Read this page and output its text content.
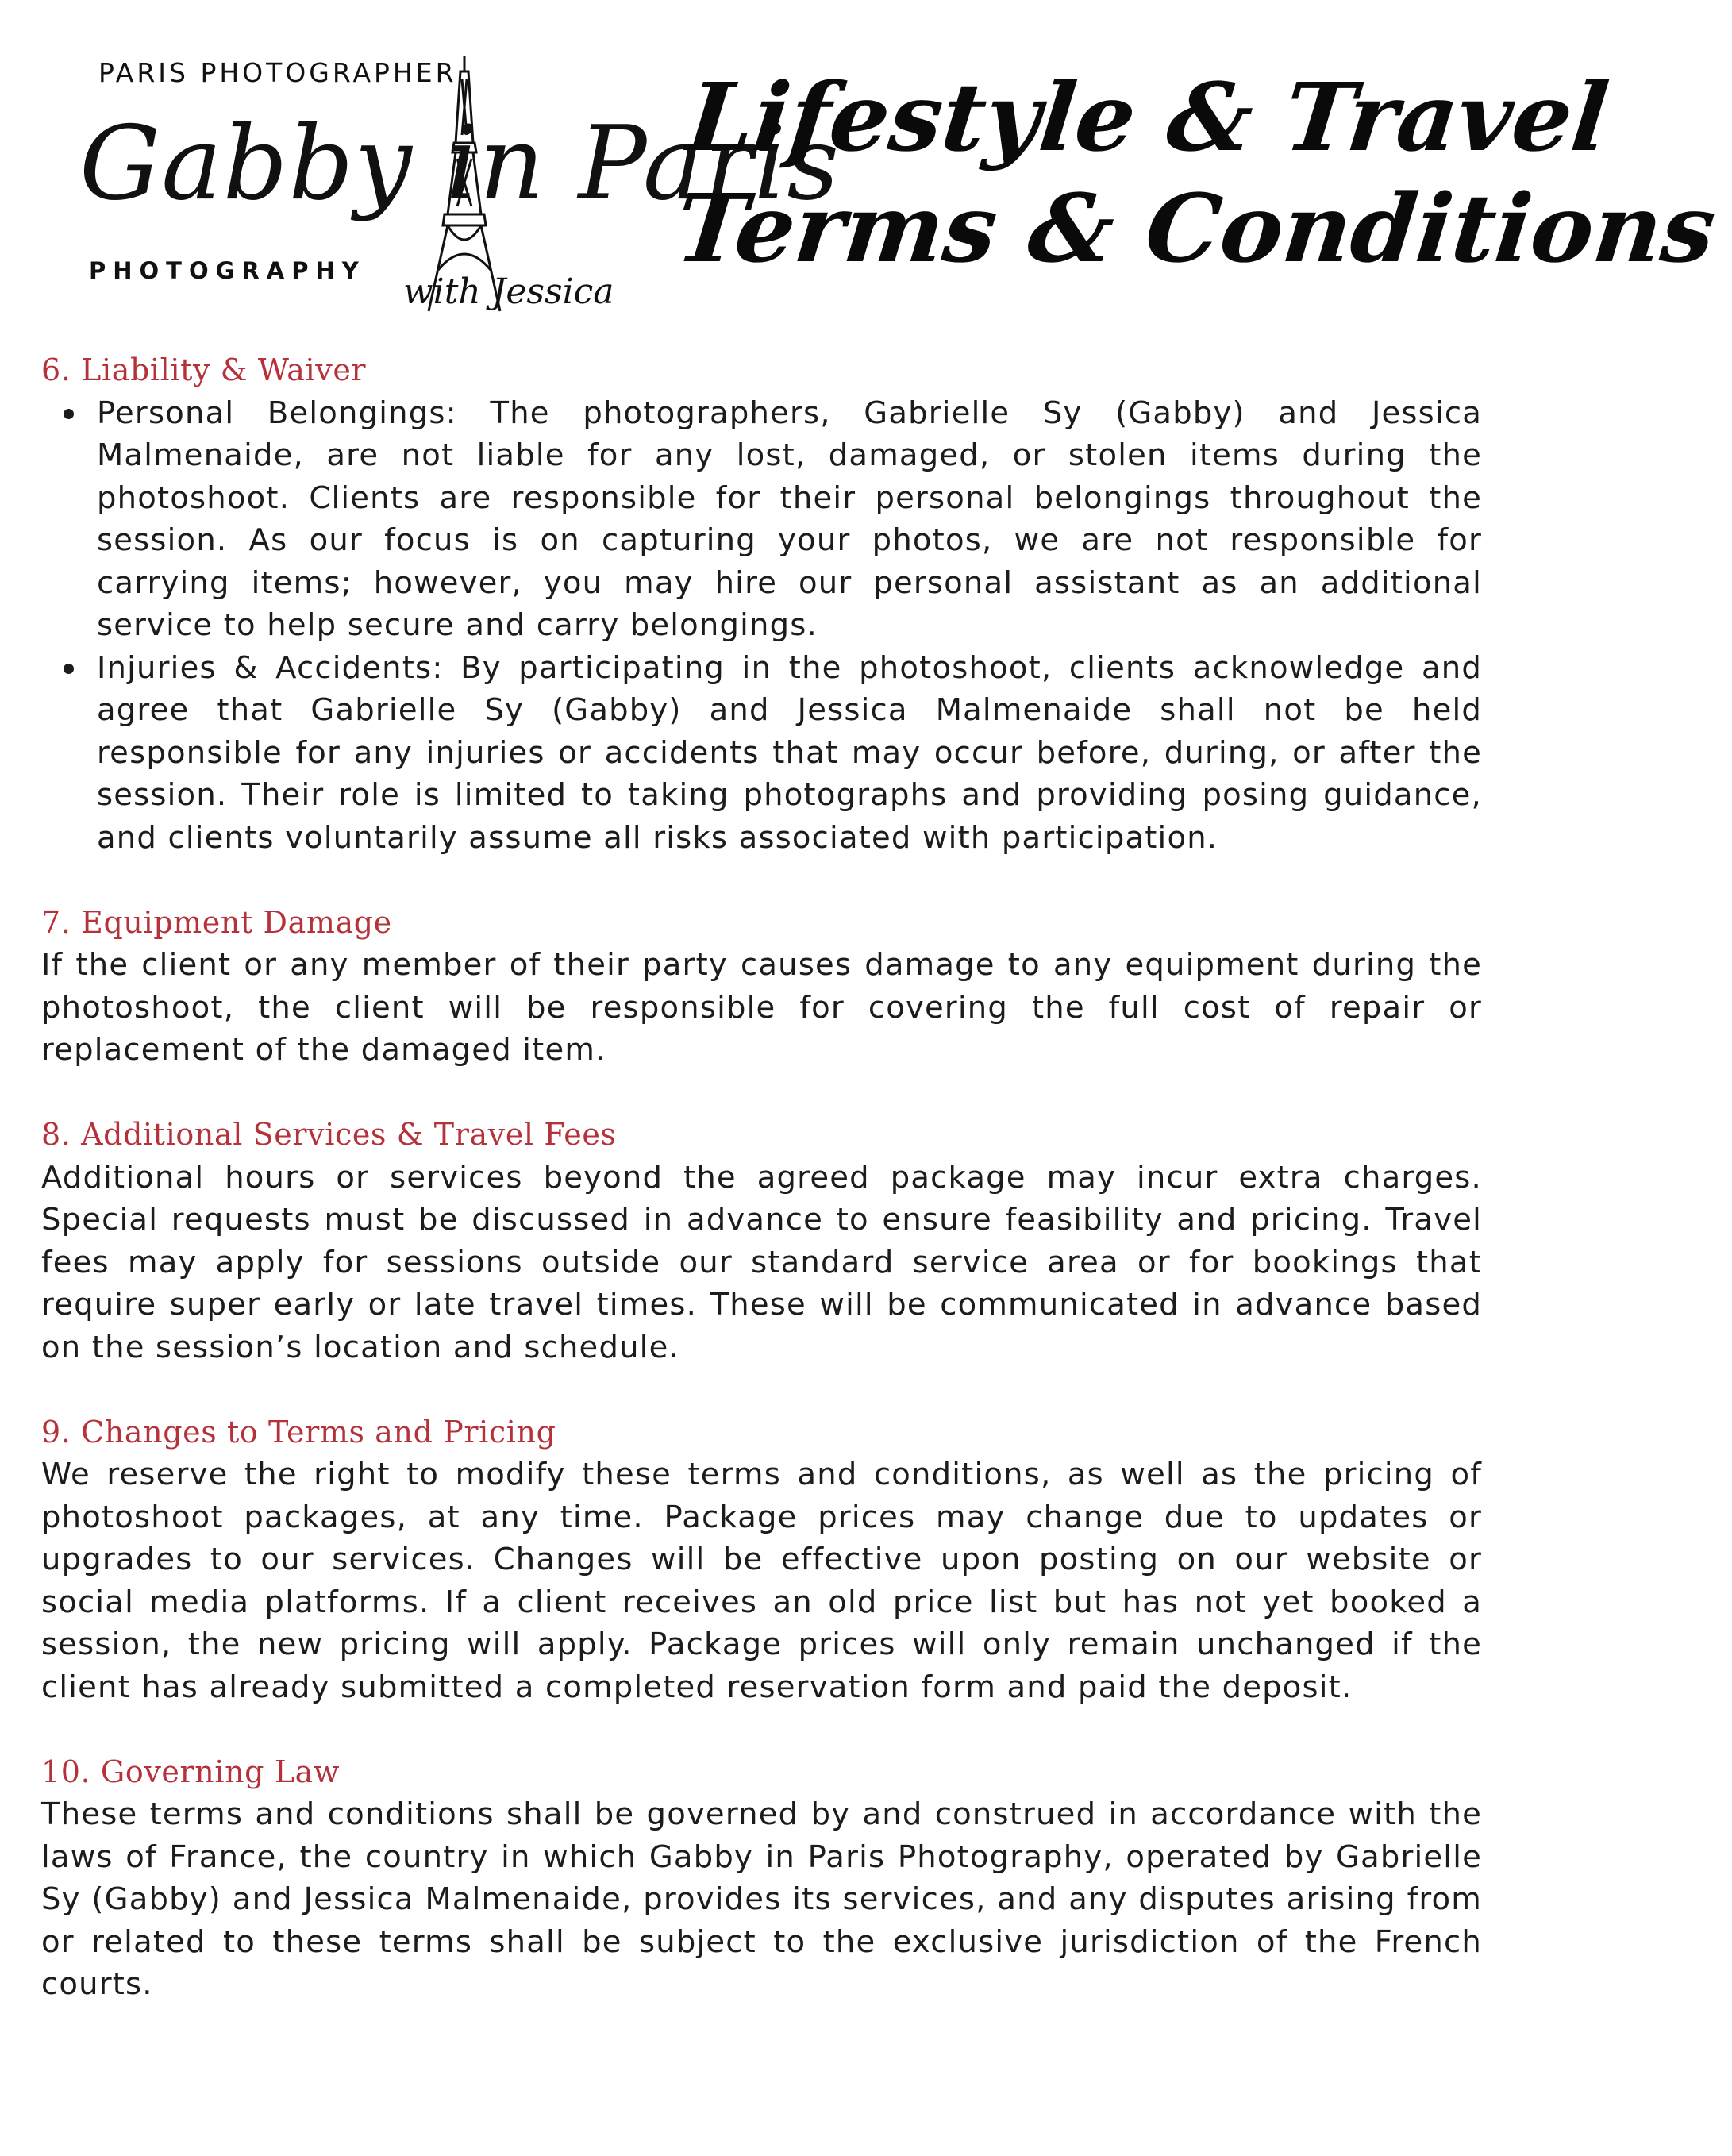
PARIS PHOTOGRAPHER
Gabby in Paris
PHOTOGRAPHY
with Jessica
Lifestyle & Travel
Terms & Conditions
6. Liability & Waiver
Personal Belongings: The photographers, Gabrielle Sy (Gabby) and Jessica Malmenaide, are not liable for any lost, damaged, or stolen items during the photoshoot. Clients are responsible for their personal belongings throughout the session. As our focus is on capturing your photos, we are not responsible for carrying items; however, you may hire our personal assistant as an additional service to help secure and carry belongings.
Injuries & Accidents: By participating in the photoshoot, clients acknowledge and agree that Gabrielle Sy (Gabby) and Jessica Malmenaide shall not be held responsible for any injuries or accidents that may occur before, during, or after the session. Their role is limited to taking photographs and providing posing guidance, and clients voluntarily assume all risks associated with participation.
7. Equipment Damage

If the client or any member of their party causes damage to any equipment during the photoshoot, the client will be responsible for covering the full cost of repair or replacement of the damaged item.

8. Additional Services & Travel Fees

Additional hours or services beyond the agreed package may incur extra charges. Special requests must be discussed in advance to ensure feasibility and pricing. Travel fees may apply for sessions outside our standard service area or for bookings that require super early or late travel times. These will be communicated in advance based on the session’s location and schedule.

9. Changes to Terms and Pricing

We reserve the right to modify these terms and conditions, as well as the pricing of photoshoot packages, at any time. Package prices may change due to updates or upgrades to our services. Changes will be effective upon posting on our website or social media platforms. If a client receives an old price list but has not yet booked a session, the new pricing will apply. Package prices will only remain unchanged if the client has already submitted a completed reservation form and paid the deposit.

10. Governing Law

These terms and conditions shall be governed by and construed in accordance with the laws of France, the country in which Gabby in Paris Photography, operated by Gabrielle Sy (Gabby) and Jessica Malmenaide, provides its services, and any disputes arising from or related to these terms shall be subject to the exclusive jurisdiction of the French courts.
